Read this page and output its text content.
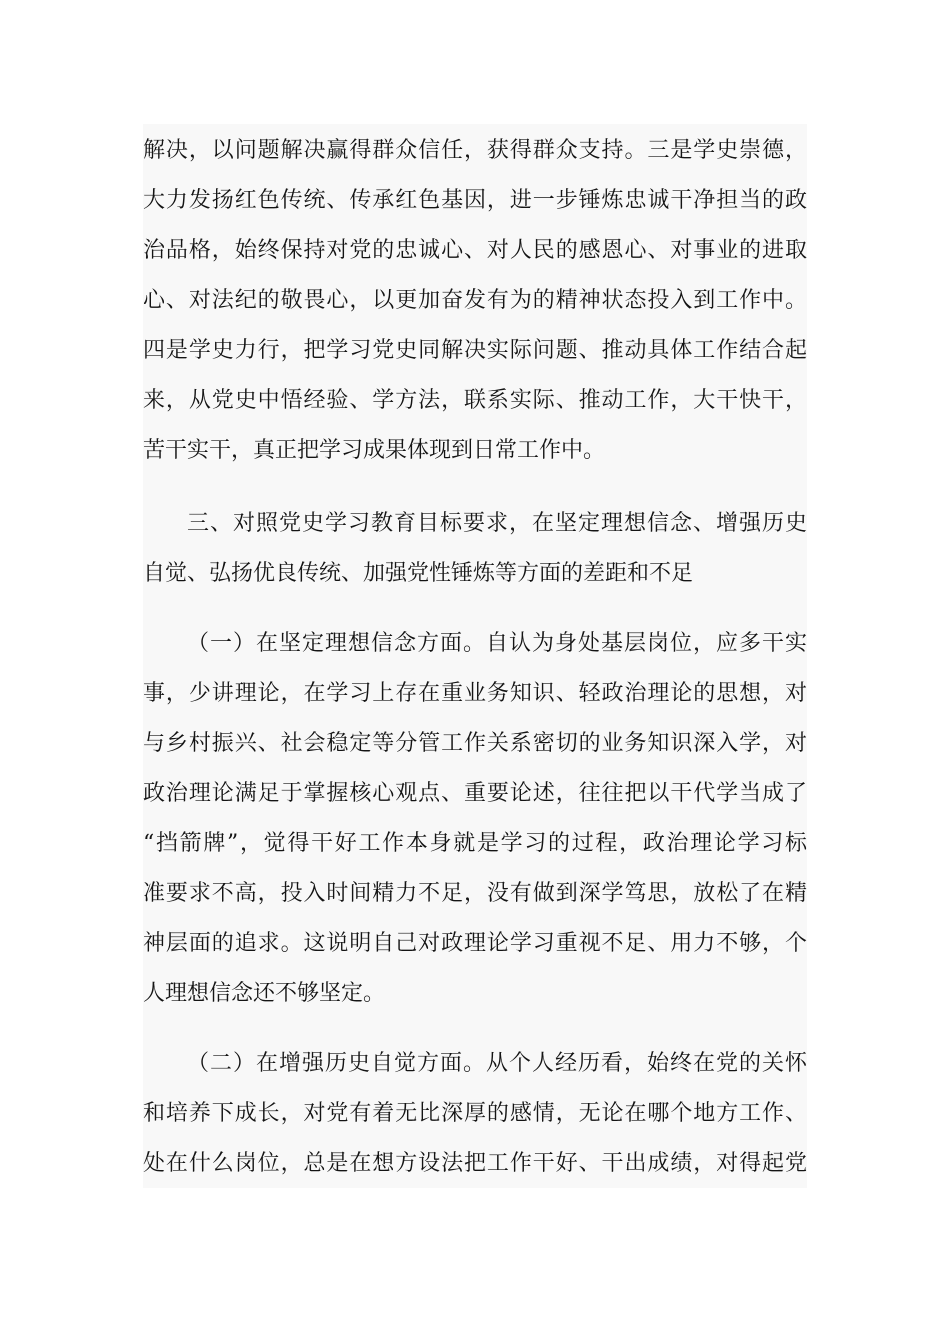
解决，以问题解决赢得群众信任，获得群众支持。三是学史崇德，
大力发扬红色传统、传承红色基因，进一步锤炼忠诚干净担当的政
治品格，始终保持对党的忠诚心、对人民的感恩心、对事业的进取
心、对法纪的敬畏心，以更加奋发有为的精神状态投入到工作中。
四是学史力行，把学习党史同解决实际问题、推动具体工作结合起
来，从党史中悟经验、学方法，联系实际、推动工作，大干快干，
苦干实干，真正把学习成果体现到日常工作中。
三、对照党史学习教育目标要求，在坚定理想信念、增强历史
自觉、弘扬优良传统、加强党性锤炼等方面的差距和不足
（一）在坚定理想信念方面。自认为身处基层岗位，应多干实
事，少讲理论，在学习上存在重业务知识、轻政治理论的思想，对
与乡村振兴、社会稳定等分管工作关系密切的业务知识深入学，对
政治理论满足于掌握核心观点、重要论述，往往把以干代学当成了
“挡箭牌”，觉得干好工作本身就是学习的过程，政治理论学习标
准要求不高，投入时间精力不足，没有做到深学笃思，放松了在精
神层面的追求。这说明自己对政理论学习重视不足、用力不够，个
人理想信念还不够坚定。
（二）在增强历史自觉方面。从个人经历看，始终在党的关怀
和培养下成长，对党有着无比深厚的感情，无论在哪个地方工作、
处在什么岗位，总是在想方设法把工作干好、干出成绩，对得起党
